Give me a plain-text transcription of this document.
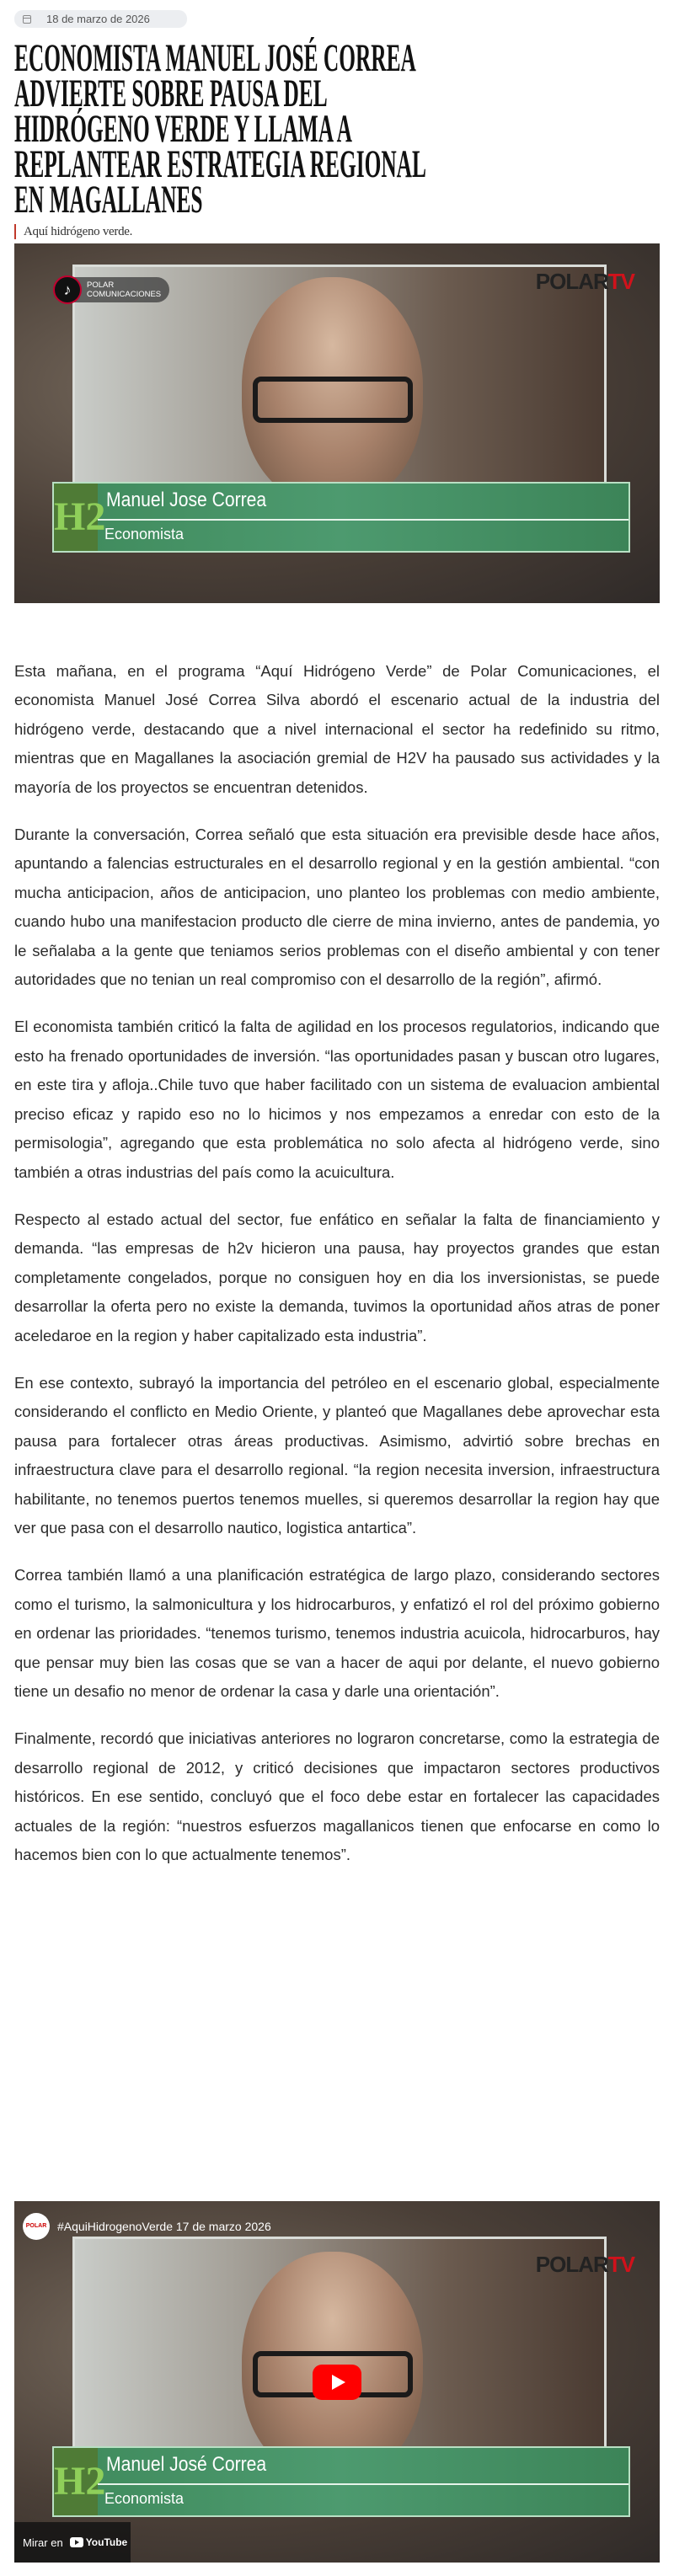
18 de marzo de 2026
ECONOMISTA MANUEL JOSÉ CORREA
ADVIERTE SOBRE PAUSA DEL
HIDRÓGENO VERDE Y LLAMA A
REPLANTEAR ESTRATEGIA REGIONAL
EN MAGALLANES
Aquí hidrógeno verde.
♪	POLAR
COMUNICACIONES
POLARTV
H2 Manuel Jose Correa
Economista

Esta mañana, en el programa “Aquí Hidrógeno Verde” de Polar Comunicaciones, el economista Manuel José Correa Silva abordó el escenario actual de la industria del hidrógeno verde, destacando que a nivel internacional el sector ha redefinido su ritmo, mientras que en Magallanes la asociación gremial de H2V ha pausado sus actividades y la mayoría de los proyectos se encuentran detenidos.

Durante la conversación, Correa señaló que esta situación era previsible desde hace años, apuntando a falencias estructurales en el desarrollo regional y en la gestión ambiental. “con mucha anticipacion, años de anticipacion, uno planteo los problemas con medio ambiente, cuando hubo una manifestacion producto dle cierre de mina invierno, antes de pandemia, yo le señalaba a la gente que teniamos serios problemas con el diseño ambiental y con tener autoridades que no tenian un real compromiso con el desarrollo de la región”, afirmó.

El economista también criticó la falta de agilidad en los procesos regulatorios, indicando que esto ha frenado oportunidades de inversión. “las oportunidades pasan y buscan otro lugares, en este tira y afloja..Chile tuvo que haber facilitado con un sistema de evaluacion ambiental preciso eficaz y rapido eso no lo hicimos y nos empezamos a enredar con esto de la permisologia”, agregando que esta problemática no solo afecta al hidrógeno verde, sino también a otras industrias del país como la acuicultura.

Respecto al estado actual del sector, fue enfático en señalar la falta de financiamiento y demanda. “las empresas de h2v hicieron una pausa, hay proyectos grandes que estan completamente congelados, porque no consiguen hoy en dia los inversionistas, se puede desarrollar la oferta pero no existe la demanda, tuvimos la oportunidad años atras de poner aceledaroe en la region y haber capitalizado esta industria”.

En ese contexto, subrayó la importancia del petróleo en el escenario global, especialmente considerando el conflicto en Medio Oriente, y planteó que Magallanes debe aprovechar esta pausa para fortalecer otras áreas productivas. Asimismo, advirtió sobre brechas en infraestructura clave para el desarrollo regional. “la region necesita inversion, infraestructura habilitante, no tenemos puertos tenemos muelles, si queremos desarrollar la region hay que ver que pasa con el desarrollo nautico, logistica antartica”.

Correa también llamó a una planificación estratégica de largo plazo, considerando sectores como el turismo, la salmonicultura y los hidrocarburos, y enfatizó el rol del próximo gobierno en ordenar las prioridades. “tenemos turismo, tenemos industria acuicola, hidrocarburos, hay que pensar muy bien las cosas que se van a hacer de aqui por delante, el nuevo gobierno tiene un desafio no menor de ordenar la casa y darle una orientación”.

Finalmente, recordó que iniciativas anteriores no lograron concretarse, como la estrategia de desarrollo regional de 2012, y criticó decisiones que impactaron sectores productivos históricos. En ese sentido, concluyó que el foco debe estar en fortalecer las capacidades actuales de la región: “nuestros esfuerzos magallanicos tienen que enfocarse en como lo hacemos bien con lo que actualmente tenemos”.

POLAR #AquiHidrogenoVerde 17 de marzo 2026
POLARTV
H2 Manuel José Correa
Economista
Mirar en YouTube
